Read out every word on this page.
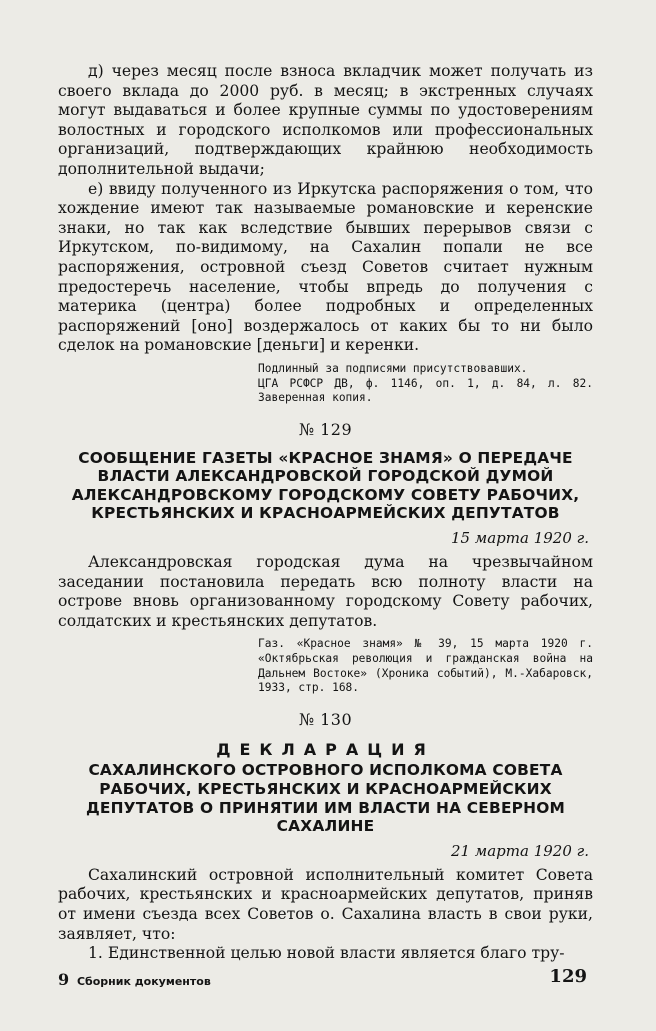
д) через месяц после взноса вкладчик может получать из своего вклада до 2000 руб. в месяц; в экстренных случаях могут выдаваться и более крупные суммы по удостоверениям волостных и городского исполкомов или профессиональных организаций, подтверждающих крайнюю необходимость дополнительной выдачи;

е) ввиду полученного из Иркутска распоряжения о том, что хождение имеют так называемые романовские и керенские знаки, но так как вследствие бывших перерывов связи с Иркутском, по-видимому, на Сахалин попали не все распоряжения, островной съезд Советов считает нужным предостеречь население, чтобы впредь до получения с материка (центра) более подробных и определенных распоряжений [оно] воздержалось от каких бы то ни было сделок на романовские [деньги] и керенки.

Подлинный за подписями присутствовавших.
ЦГА РСФСР ДВ, ф. 1146, оп. 1, д. 84, л. 82. Заверенная копия.
№ 129
СООБЩЕНИЕ ГАЗЕТЫ «КРАСНОЕ ЗНАМЯ» О ПЕРЕДАЧЕ ВЛАСТИ АЛЕКСАНДРОВСКОЙ ГОРОДСКОЙ ДУМОЙ АЛЕКСАНДРОВСКОМУ ГОРОДСКОМУ СОВЕТУ РАБОЧИХ, КРЕСТЬЯНСКИХ И КРАСНОАРМЕЙСКИХ ДЕПУТАТОВ
15 марта 1920 г.

Александровская городская дума на чрезвычайном заседании постановила передать всю полноту власти на острове вновь организованному городскому Совету рабочих, солдатских и крестьянских депутатов.

Газ. «Красное знамя» № 39, 15 марта 1920 г. «Октябрьская революция и гражданская война на Дальнем Востоке» (Хроника событий), М.-Хабаровск, 1933, стр. 168.
№ 130
ДЕКЛАРАЦИЯ
САХАЛИНСКОГО ОСТРОВНОГО ИСПОЛКОМА СОВЕТА РАБОЧИХ, КРЕСТЬЯНСКИХ И КРАСНОАРМЕЙСКИХ ДЕПУТАТОВ О ПРИНЯТИИ ИМ ВЛАСТИ НА СЕВЕРНОМ САХАЛИНЕ
21 марта 1920 г.

Сахалинский островной исполнительный комитет Совета рабочих, крестьянских и красноармейских депутатов, приняв от имени съезда всех Советов о. Сахалина власть в свои руки, заявляет, что:

1. Единственной целью новой власти является благо тру-

9 Сборник документов	129
